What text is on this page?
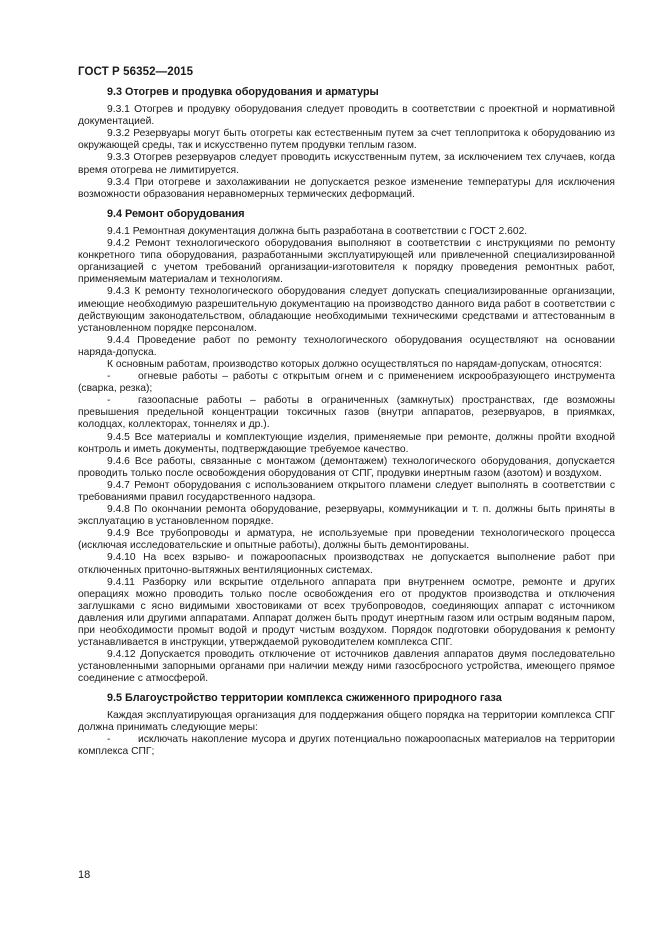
ГОСТ Р 56352—2015
9.3 Отогрев и продувка оборудования и арматуры

9.3.1 Отогрев и продувку оборудования следует проводить в соответствии с проектной и нормативной документацией.

9.3.2 Резервуары могут быть отогреты как естественным путем за счет теплопритока к оборудованию из окружающей среды, так и искусственно путем продувки теплым газом.

9.3.3 Отогрев резервуаров следует проводить искусственным путем, за исключением тех случаев, когда время отогрева не лимитируется.

9.3.4 При отогреве и захолаживании не допускается резкое изменение температуры для исключения возможности образования неравномерных термических деформаций.

9.4 Ремонт оборудования

9.4.1 Ремонтная документация должна быть разработана в соответствии с ГОСТ 2.602.

9.4.2 Ремонт технологического оборудования выполняют в соответствии с инструкциями по ремонту конкретного типа оборудования, разработанными эксплуатирующей или привлеченной специализированной организацией с учетом требований организации-изготовителя к порядку проведения ремонтных работ, применяемым материалам и технологиям.

9.4.3 К ремонту технологического оборудования следует допускать специализированные организации, имеющие необходимую разрешительную документацию на производство данного вида работ в соответствии с действующим законодательством, обладающие необходимыми техническими средствами и аттестованным в установленном порядке персоналом.

9.4.4 Проведение работ по ремонту технологического оборудования осуществляют на основании наряда-допуска.

К основным работам, производство которых должно осуществляться по нарядам-допускам, относятся:

-	огневые работы – работы с открытым огнем и с применением искрообразующего инструмента (сварка, резка);

-	газоопасные работы – работы в ограниченных (замкнутых) пространствах, где возможны превышения предельной концентрации токсичных газов (внутри аппаратов, резервуаров, в приямках, колодцах, коллекторах, тоннелях и др.).

9.4.5 Все материалы и комплектующие изделия, применяемые при ремонте, должны пройти входной контроль и иметь документы, подтверждающие требуемое качество.

9.4.6 Все работы, связанные с монтажом (демонтажем) технологического оборудования, допускается проводить только после освобождения оборудования от СПГ, продувки инертным газом (азотом) и воздухом.

9.4.7 Ремонт оборудования с использованием открытого пламени следует выполнять в соответствии с требованиями правил государственного надзора.

9.4.8 По окончании ремонта оборудование, резервуары, коммуникации и т. п. должны быть приняты в эксплуатацию в установленном порядке.

9.4.9 Все трубопроводы и арматура, не используемые при проведении технологического процесса (исключая исследовательские и опытные работы), должны быть демонтированы.

9.4.10 На всех взрыво- и пожароопасных производствах не допускается выполнение работ при отключенных приточно-вытяжных вентиляционных системах.

9.4.11 Разборку или вскрытие отдельного аппарата при внутреннем осмотре, ремонте и других операциях можно проводить только после освобождения его от продуктов производства и отключения заглушками с ясно видимыми хвостовиками от всех трубопроводов, соединяющих аппарат с источником давления или другими аппаратами. Аппарат должен быть продут инертным газом или острым водяным паром, при необходимости промыт водой и продут чистым воздухом. Порядок подготовки оборудования к ремонту устанавливается в инструкции, утверждаемой руководителем комплекса СПГ.

9.4.12 Допускается проводить отключение от источников давления аппаратов двумя последовательно установленными запорными органами при наличии между ними газосбросного устройства, имеющего прямое соединение с атмосферой.

9.5 Благоустройство территории комплекса сжиженного природного газа

Каждая эксплуатирующая организация для поддержания общего порядка на территории комплекса СПГ должна принимать следующие меры:

-	исключать накопление мусора и других потенциально пожароопасных материалов на территории комплекса СПГ;

18
